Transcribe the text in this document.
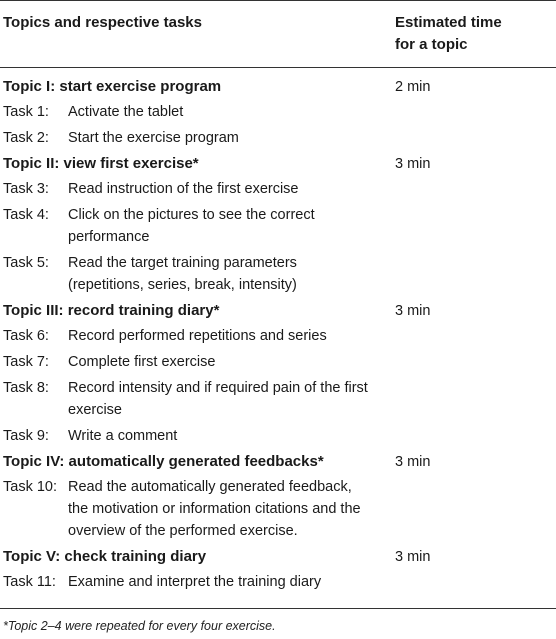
Topics and respective tasks	Estimated time
for a topic
Topic I: start exercise program	2 min
Task 1: Activate the tablet
Task 2: Start the exercise program
Topic II: view first exercise*	3 min
Task 3: Read instruction of the first exercise
Task 4: Click on the pictures to see the correct
performance
Task 5: Read the target training parameters
(repetitions, series, break, intensity)
Topic III: record training diary*	3 min
Task 6: Record performed repetitions and series
Task 7: Complete first exercise
Task 8: Record intensity and if required pain of the first
exercise
Task 9: Write a comment
Topic IV: automatically generated feedbacks*	3 min
Task 10: Read the automatically generated feedback,
the motivation or information citations and the
overview of the performed exercise.
Topic V: check training diary	3 min
Task 11: Examine and interpret the training diary
*Topic 2–4 were repeated for every four exercise.
